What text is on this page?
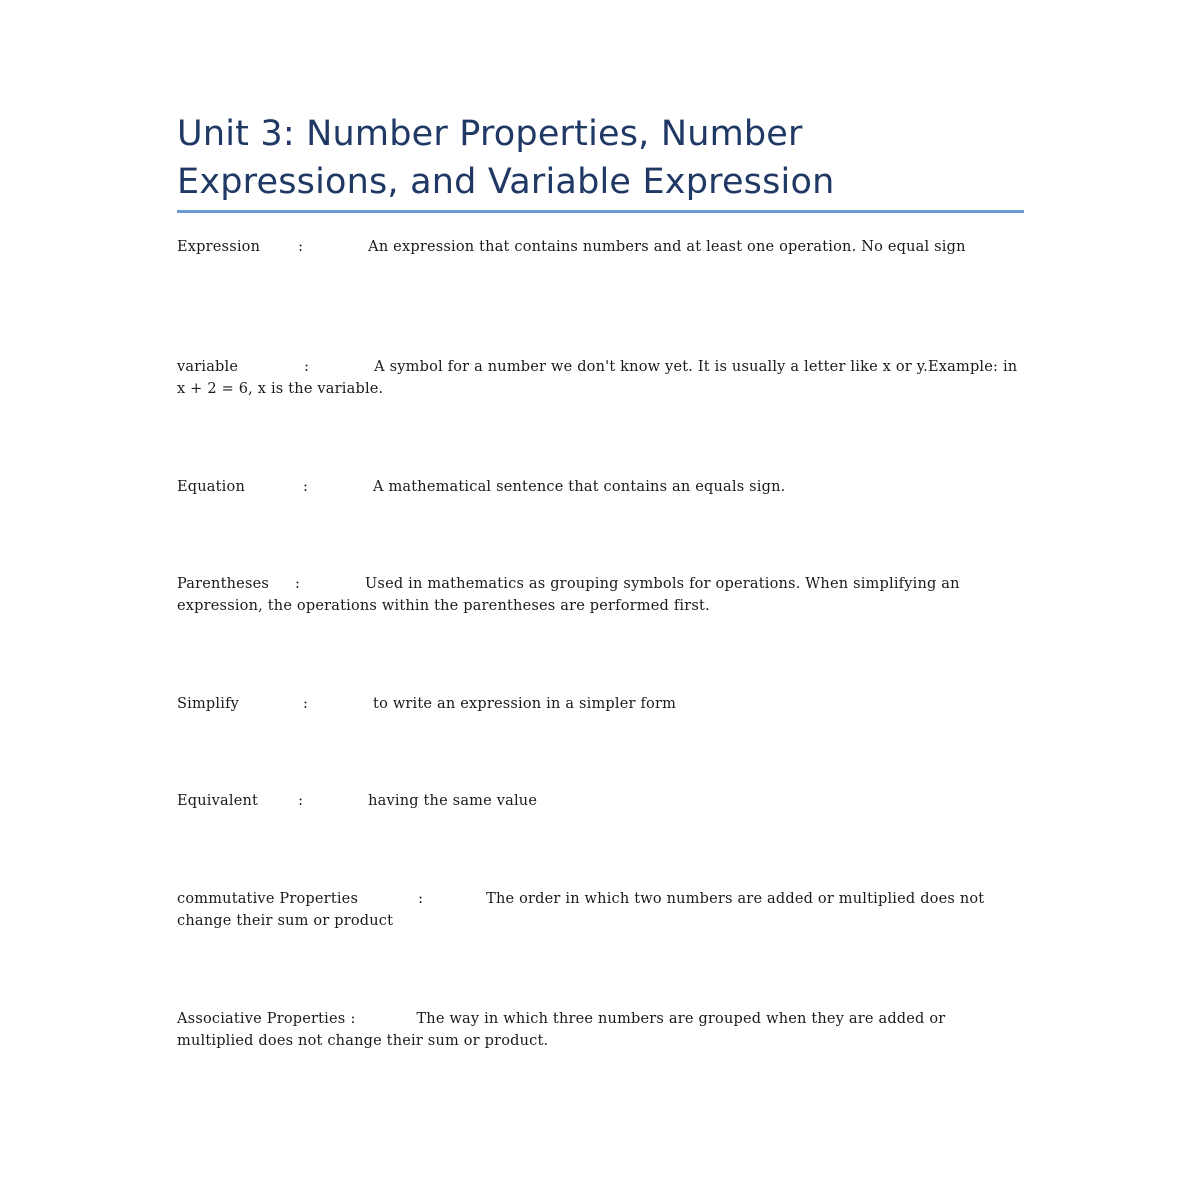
Unit 3: Number Properties, Number
Expressions, and Variable Expression
Expression	:	An expression that contains numbers and at least one operation. No equal sign
variable	:	A symbol for a number we don't know yet. It is usually a letter like x or y.Example: in x + 2 = 6, x is the variable.
Equation	:	A mathematical sentence that contains an equals sign.
Parentheses :	Used in mathematics as grouping symbols for operations. When simplifying an expression, the operations within the parentheses are performed first.
Simplify	:	to write an expression in a simpler form
Equivalent	:	having the same value
commutative Properties	:	The order in which two numbers are added or multiplied does not change their sum or product
Associative Properties :	The way in which three numbers are grouped when they are added or multiplied does not change their sum or product.
